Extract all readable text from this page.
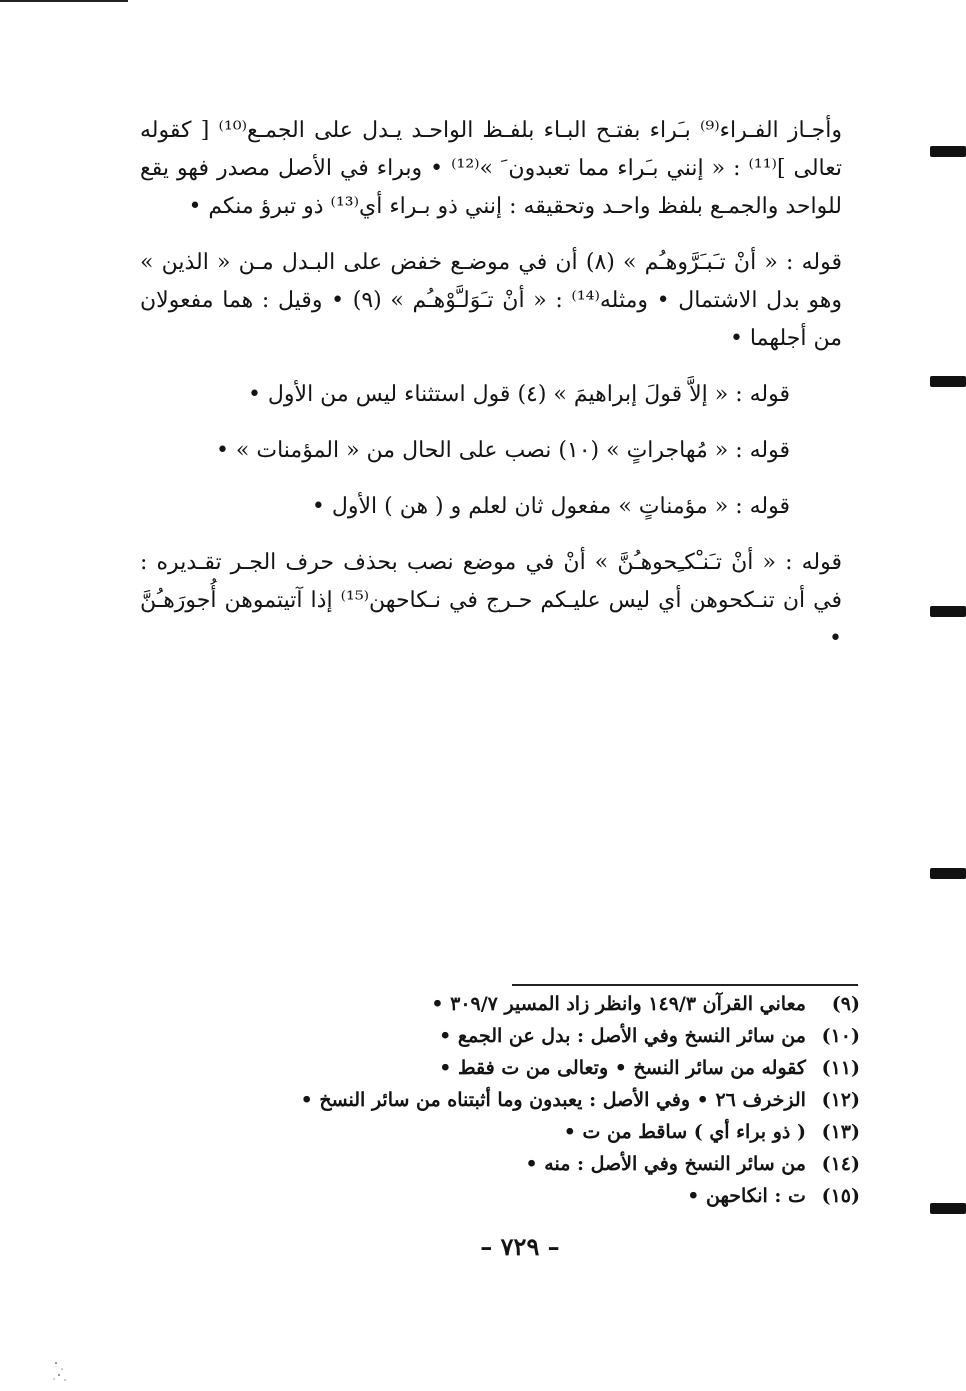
وأجـاز الفـراء⁽⁹⁾ بـَراء بفتـح البـاء بلفـظ الواحـد يـدل على الجمـع⁽¹⁰⁾ [ كقوله تعالى ]⁽¹¹⁾ : « إنني بـَراء مما تعبدون َ »⁽¹²⁾ • وبراء في الأصل مصدر فهو يقع للواحد والجمـع بلفظ واحـد وتحقيقه : إنني ذو بـراء أي⁽¹³⁾ ذو تبرؤ منكم •

قوله : « أنْ تـَبـَرَّوهـُم » (٨) أن في موضـع خفض على البـدل مـن « الذين » وهو بدل الاشتمال • ومثله⁽¹⁴⁾ : « أنْ تـَوَلـَّوْهـُم » (٩) • وقيل : هما مفعولان من أجلهما •

قوله : « إلاَّ قولَ إبراهيمَ » (٤) قول استثناء ليس من الأول •

قوله : « مُهاجراتٍ » (١٠) نصب على الحال من « المؤمنات » •

قوله : « مؤمناتٍ » مفعول ثان لعلم و ( هن ) الأول •

قوله : « أنْ تـَنـْكـِحوهـُنَّ » أنْ في موضع نصب بحذف حرف الجـر تقـديره : في أن تنـكحوهن أي ليس عليـكم حـرج في نـكاحهن⁽¹⁵⁾ إذا آتيتموهن أُجورَهـُنَّ •

(٩) معاني القرآن ١٤٩/٣ وانظر زاد المسير ٣٠٩/٧ •
(١٠) من سائر النسخ وفي الأصل : بدل عن الجمع •
(١١) كقوله من سائر النسخ • وتعالى من ت فقط •
(١٢) الزخرف ٢٦ • وفي الأصل : يعبدون وما أثبتناه من سائر النسخ •
(١٣) ( ذو براء أي ) ساقط من ت •
(١٤) من سائر النسخ وفي الأصل : منه •
(١٥) ت : انكاحهن •
– ٧٢٩ –
